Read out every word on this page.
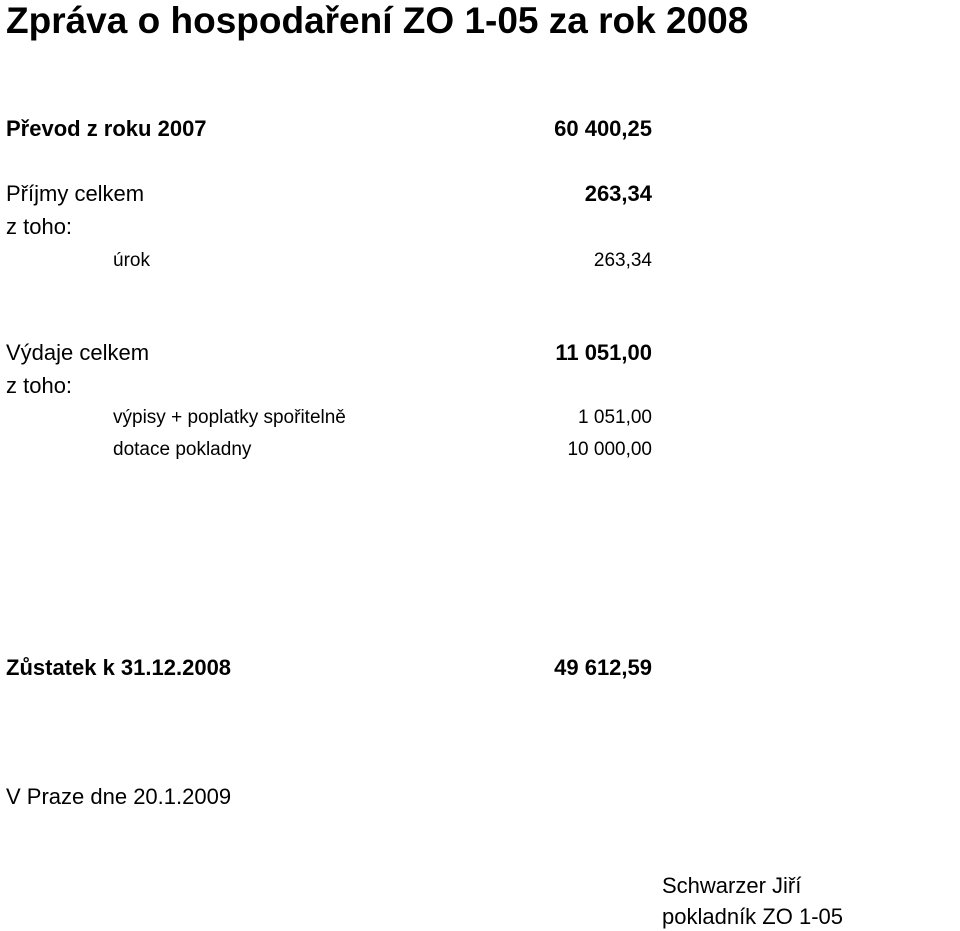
Zpráva o hospodaření ZO 1-05 za rok 2008
Převod z roku 2007	60 400,25
Příjmy celkem	263,34
z toho:
úrok	263,34
Výdaje celkem	11 051,00
z toho:
výpisy + poplatky spořitelně	1 051,00
dotace pokladny	10 000,00
Zůstatek k 31.12.2008	49 612,59
V Praze dne 20.1.2009
Schwarzer Jiří
pokladník ZO 1-05
